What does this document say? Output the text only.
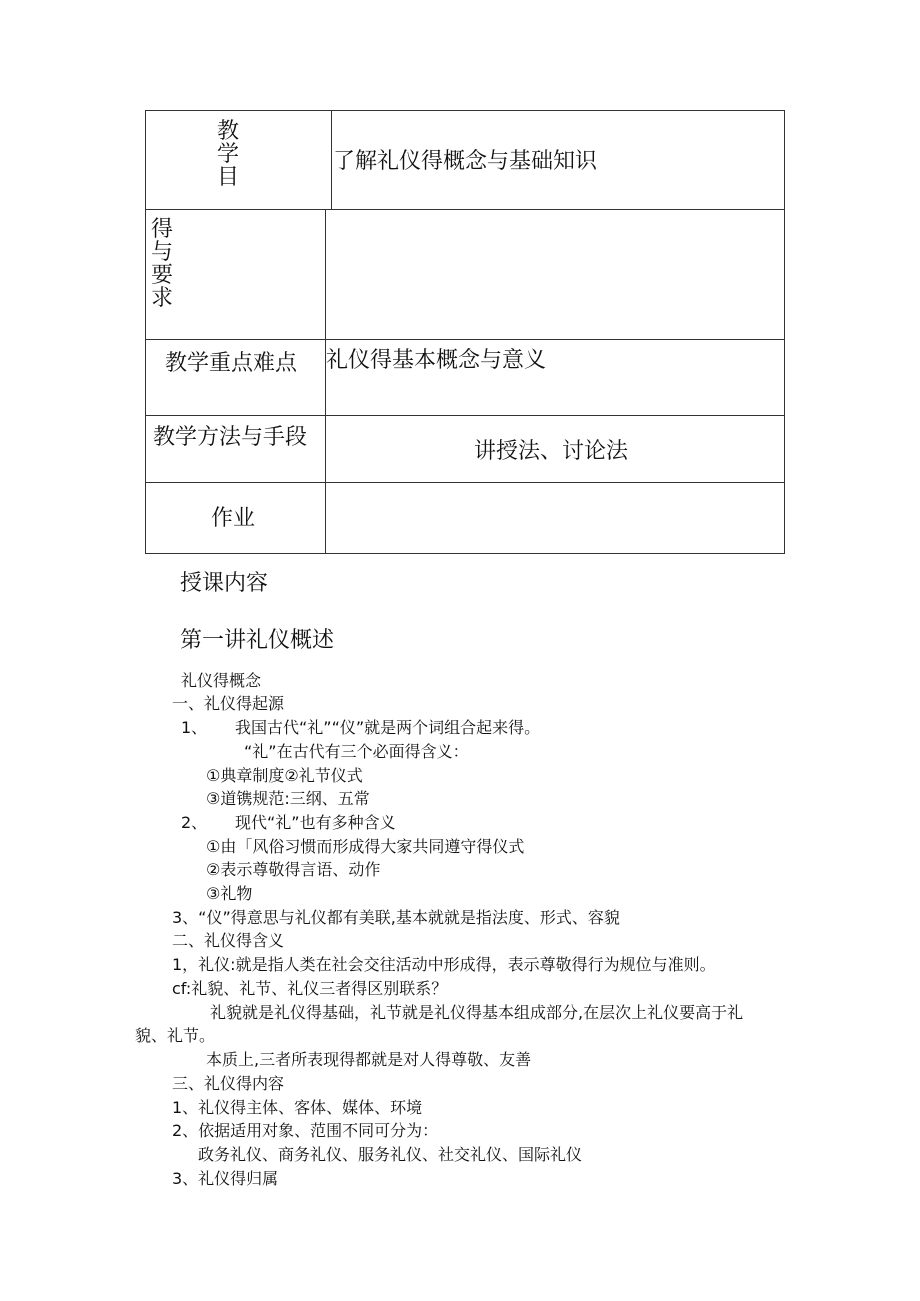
教
学
目
了解礼仪得概念与基础知识
得
与
要
求
教学重点难点 礼仪得基本概念与意义
教学方法与手段
讲授法、讨论法
作业
授课内容
第一讲礼仪概述
礼仪得概念
一、礼仪得起源
1、 我国古代“礼”“仪”就是两个词组合起来得。
“礼”在古代有三个必面得含义：
①典章制度②礼节仪式
③道镌规范:三纲、五常
2、 现代“礼”也有多种含义
①由「风俗习惯而形成得大家共同遵守得仪式
②表示尊敬得言语、动作
③礼物
3、“仪”得意思与礼仪都有美联,基本就就是指法度、形式、容貌
二、礼仪得含义
1，礼仪:就是指人类在社会交往活动中形成得，表示尊敬得行为规位与准则。
cf:礼貌、礼节、礼仪三者得区别联系？
礼貌就是礼仪得基础，礼节就是礼仪得基本组成部分,在层次上礼仪要高于礼
貌、礼节。
本质上,三者所表现得都就是对人得尊敬、友善
三、礼仪得内容
1、礼仪得主体、客体、媒体、环境
2、依据适用对象、范围不同可分为：
政务礼仪、商务礼仪、服务礼仪、社交礼仪、国际礼仪
3、礼仪得归属
